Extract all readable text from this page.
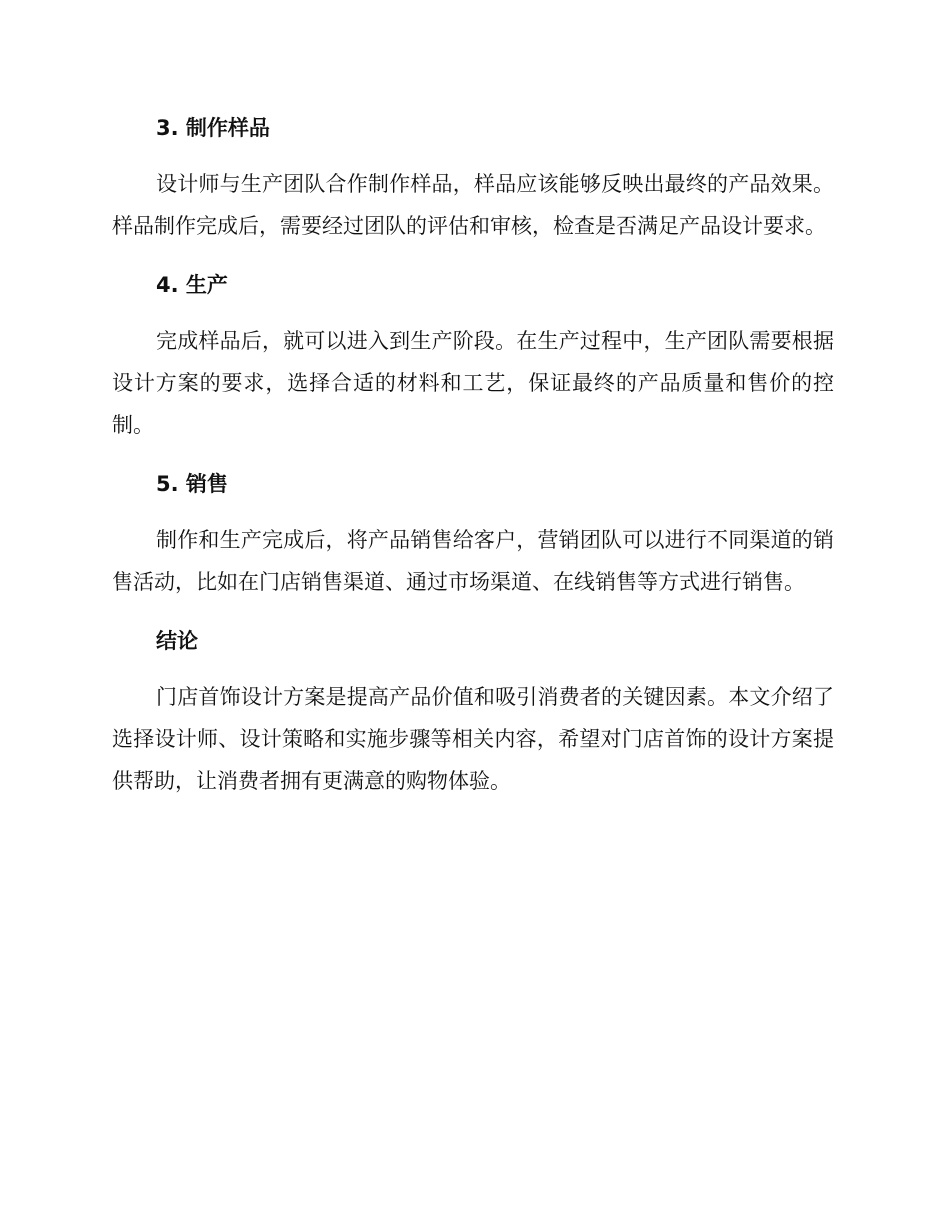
3. 制作样品

设计师与生产团队合作制作样品，样品应该能够反映出最终的产品效果。样品制作完成后，需要经过团队的评估和审核，检查是否满足产品设计要求。

4. 生产

完成样品后，就可以进入到生产阶段。在生产过程中，生产团队需要根据设计方案的要求，选择合适的材料和工艺，保证最终的产品质量和售价的控制。

5. 销售

制作和生产完成后，将产品销售给客户，营销团队可以进行不同渠道的销售活动，比如在门店销售渠道、通过市场渠道、在线销售等方式进行销售。

结论

门店首饰设计方案是提高产品价值和吸引消费者的关键因素。本文介绍了选择设计师、设计策略和实施步骤等相关内容，希望对门店首饰的设计方案提供帮助，让消费者拥有更满意的购物体验。
